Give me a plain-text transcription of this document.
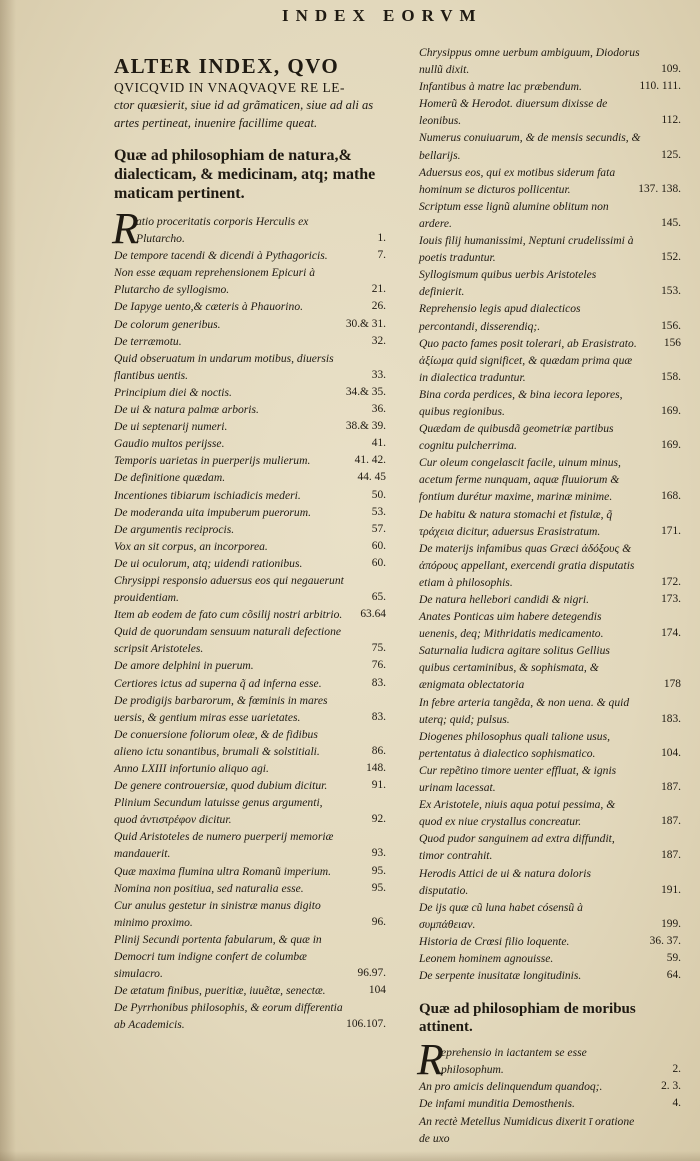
INDEX EORVM
ALTER INDEX, QVO

QVICQVID IN VNAQVAQVE RE LE-

ctor quæsierit, siue id ad grãmaticen, siue ad ali as artes pertineat, inuenire facillime queat.

Quæ ad philosophiam de natura,& dialecticam, & medicinam, atq; mathe maticam pertinent.
R
atio proceritatis corporis Herculis ex Plutarcho.	1.
De tempore tacendi & dicendi à Pythagoricis.	7.
Non esse æquam reprehensionem Epicuri à Plutarcho de syllogismo.	21.
De Iapyge uento,& cæteris à Phauorino.	26.
De colorum generibus.	30.& 31.
De terræmotu.	32.
Quid obseruatum in undarum motibus, diuersis flantibus uentis.	33.
Principium diei & noctis.	34.& 35.
De ui & natura palmæ arboris.	36.
De ui septenarij numeri.	38.& 39.
Gaudio multos perijsse.	41.
Temporis uarietas in puerperijs mulierum.	41. 42.
De definitione quædam.	44. 45
Incentiones tibiarum ischiadicis mederi.	50.
De moderanda uita impuberum puerorum.	53.
De argumentis reciprocis.	57.
Vox an sit corpus, an incorporea.	60.
De ui oculorum, atq; uidendi rationibus.	60.
Chrysippi responsio aduersus eos qui negauerunt prouidentiam.	65.
Item ab eodem de fato cum cõsilij nostri arbitrio.	63.64
Quid de quorundam sensuum naturali defectione scripsit Aristoteles.	75.
De amore delphini in puerum.	76.
Certiores ictus ad superna q̃ ad inferna esse.	83.
De prodigijs barbarorum, & fœminis in mares uersis, & gentium miras esse uarietates.	83.
De conuersione foliorum oleæ, & de fidibus alieno ictu sonantibus, brumali & solstitiali.	86.
Anno LXIII infortunio aliquo agi.	148.
De genere controuersiæ, quod dubium dicitur.	91.
Plinium Secundum latuisse genus argumenti, quod ἀντιστρέφον dicitur.	92.
Quid Aristoteles de numero puerperij memoriæ mandauerit.	93.
Quæ maxima flumina ultra Romanũ imperium.	95.
Nomina non positiua, sed naturalia esse.	95.
Cur anulus gestetur in sinistræ manus digito minimo proximo.	96.
Plinij Secundi portenta fabularum, & quæ in Democri tum indigne confert de columbæ simulacro.	96.97.
De ætatum finibus, pueritiæ, iuuẽtæ, senectæ.	104
De Pyrrhonibus philosophis, & eorum differentia ab Academicis.	106.107.
Chrysippus omne uerbum ambiguum, Diodorus nullũ dixit.	109.
Infantibus à matre lac præbendum.	110. 111.
Homerũ & Herodot. diuersum dixisse de leonibus.	112.
Numerus conuiuarum, & de mensis secundis, & bellarijs.	125.
Aduersus eos, qui ex motibus siderum fata hominum se dicturos pollicentur.	137. 138.
Scriptum esse lignũ alumine oblitum non ardere.	145.
Iouis filij humanissimi, Neptuni crudelissimi à poetis traduntur.	152.
Syllogismum quibus uerbis Aristoteles definierit.	153.
Reprehensio legis apud dialecticos percontandi, disserendiq;.	156.
Quo pacto fames posit tolerari, ab Erasistrato.	156
ἀξίωμα quid significet, & quædam prima quæ in dialectica traduntur.	158.
Bina corda perdices, & bina iecora lepores, quibus regionibus.	169.
Quædam de quibusdã geometriæ partibus cognitu pulcherrima.	169.
Cur oleum congelascit facile, uinum minus, acetum ferme nunquam, aquæ fluuiorum & fontium durétur maxime, marinæ minime.	168.
De habitu & natura stomachi et fistulæ, q̃ τράχεια dicitur, aduersus Erasistratum.	171.
De materijs infamibus quas Græci ἀδόξους & ἀπόρους appellant, exercendi gratia disputatis etiam à philosophis.	172.
De natura hellebori candidi & nigri.	173.
Anates Ponticas uim habere detegendis uenenis, deq; Mithridatis medicamento.	174.
Saturnalia ludicra agitare solitus Gellius quibus certaminibus, & sophismata, & ænigmata oblectatoria	178
In febre arteria tangẽda, & non uena. & quid uterq; quid; pulsus.	183.
Diogenes philosophus quali talione usus, pertentatus à dialectico sophismatico.	104.
Cur repẽtino timore uenter effluat, & ignis urinam lacessat.	187.
Ex Aristotele, niuis aqua potui pessima, & quod ex niue crystallus concreatur.	187.
Quod pudor sanguinem ad extra diffundit, timor contrahit.	187.
Herodis Attici de ui & natura doloris disputatio.	191.
De ijs quæ cũ luna habet cósensũ à συμπάθειαν.	199.
Historia de Crœsi filio loquente.	36. 37.
Leonem hominem agnouisse.	59.
De serpente inusitatæ longitudinis.	64.
Quæ ad philosophiam de moribus attinent.
R
eprehensio in iactantem se esse philosophum.	2.
An pro amicis delinquendum quandoq;.	2. 3.
De infami munditia Demosthenis.	4.
An rectè Metellus Numidicus dixerit ī oratione de uxo
